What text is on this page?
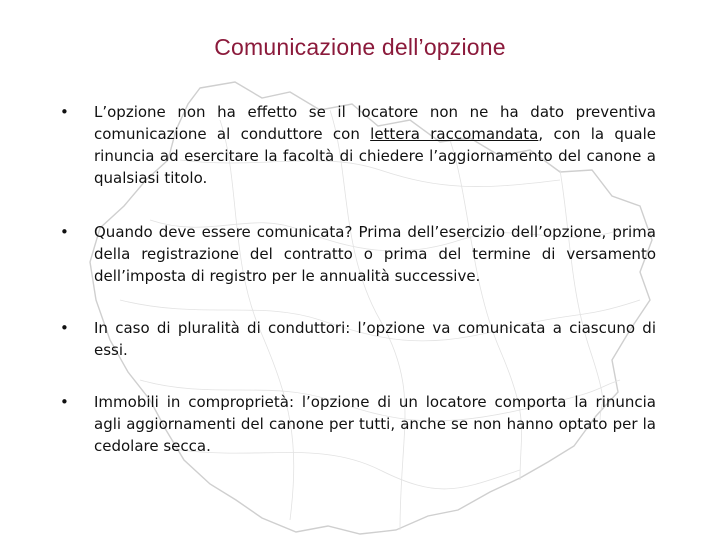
Comunicazione dell’opzione
•	L’opzione non ha effetto se il locatore non ne ha dato preventiva comunicazione al conduttore con lettera raccomandata, con la quale rinuncia ad esercitare la facoltà di chiedere l’aggiornamento del canone a qualsiasi titolo.
•	Quando deve essere comunicata? Prima dell’esercizio dell’opzione, prima della registrazione del contratto o prima del termine di versamento dell’imposta di registro per le annualità successive.
•	In caso di pluralità di conduttori: l’opzione va comunicata a ciascuno di essi.
•	Immobili in comproprietà: l’opzione di un locatore comporta la rinuncia agli aggiornamenti del canone per tutti, anche se non hanno optato per la cedolare secca.
